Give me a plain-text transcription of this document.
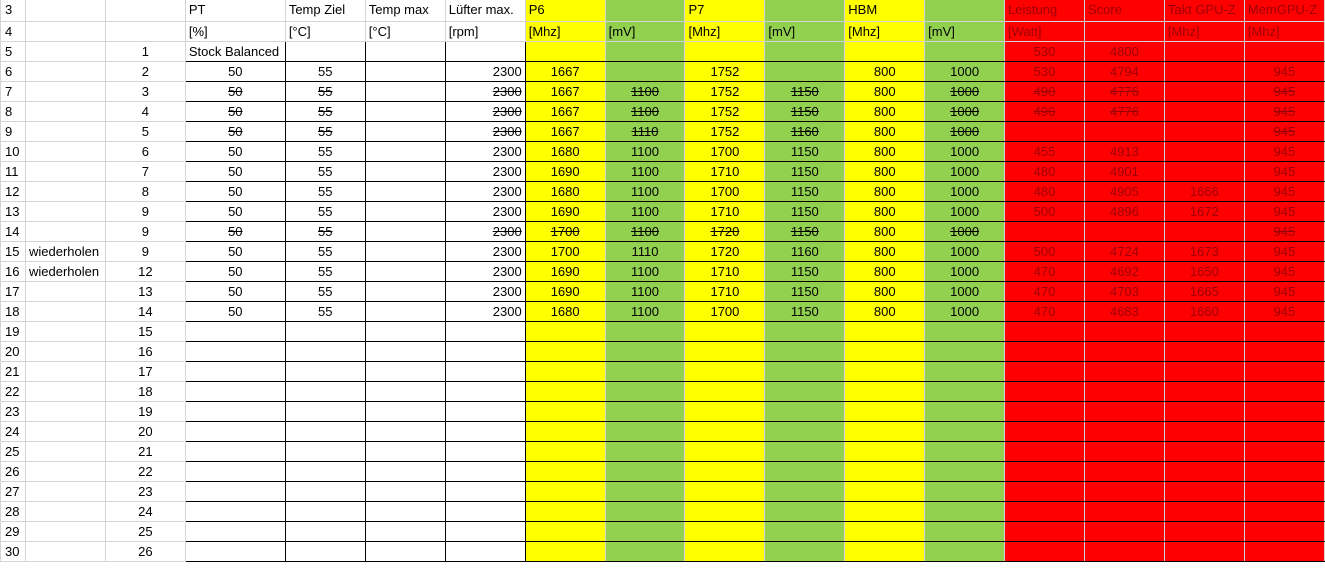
3			PT	Temp Ziel	Temp max	Lüfter max.	P6		P7		HBM		Leistung	Score	Takt GPU-Z	MemGPU-Z
4			[%]	[°C]	[°C]	[rpm]	[Mhz]	[mV]	[Mhz]	[mV]	[Mhz]	[mV]	[Watt]		[Mhz]	[Mhz]
5		1	Stock Balanced										530	4800		
6		2	50	55		2300	1667		1752		800	1000	530	4794		945
7		3	50	55		2300	1667	1100	1752	1150	800	1000	490	4776		945
8		4	50	55		2300	1667	1100	1752	1150	800	1000	490	4776		945
9		5	50	55		2300	1667	1110	1752	1160	800	1000				945
10		6	50	55		2300	1680	1100	1700	1150	800	1000	455	4913		945
11		7	50	55		2300	1690	1100	1710	1150	800	1000	480	4901		945
12		8	50	55		2300	1680	1100	1700	1150	800	1000	480	4905	1666	945
13		9	50	55		2300	1690	1100	1710	1150	800	1000	500	4896	1672	945
14		9	50	55		2300	1700	1100	1720	1150	800	1000				945
15	wiederholen	9	50	55		2300	1700	1110	1720	1160	800	1000	500	4724	1673	945
16	wiederholen	12	50	55		2300	1690	1100	1710	1150	800	1000	470	4692	1650	945
17		13	50	55		2300	1690	1100	1710	1150	800	1000	470	4703	1665	945
18		14	50	55		2300	1680	1100	1700	1150	800	1000	470	4683	1660	945
19		15														
20		16														
21		17														
22		18														
23		19														
24		20														
25		21														
26		22														
27		23														
28		24														
29		25														
30		26														
